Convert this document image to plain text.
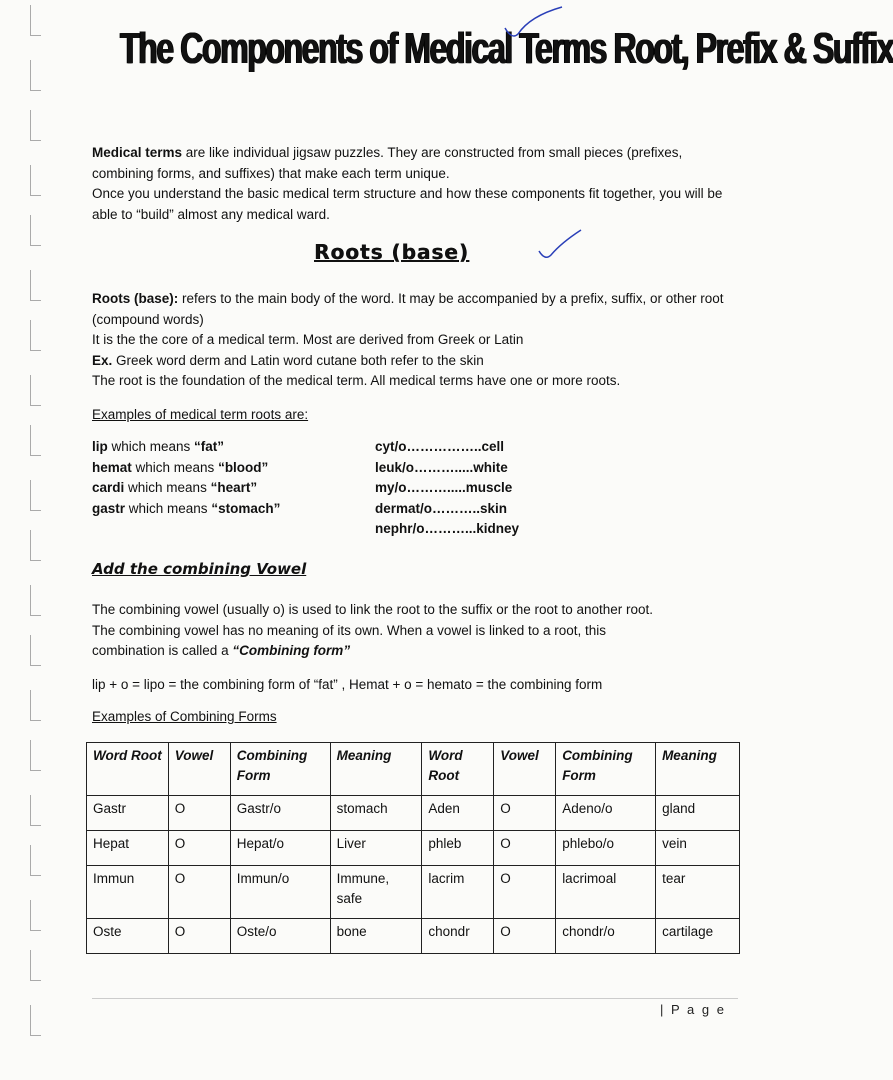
The Components of Medical Terms Root, Prefix & Suffix

Medical terms are like individual jigsaw puzzles. They are constructed from small pieces (prefixes, combining forms, and suffixes) that make each term unique.

Once you understand the basic medical term structure and how these components fit together, you will be able to “build” almost any medical ward.

Roots (base)

Roots (base): refers to the main body of the word. It may be accompanied by a prefix, suffix, or other root (compound words)

It is the the core of a medical term. Most are derived from Greek or Latin

Ex. Greek word derm and Latin word cutane both refer to the skin

The root is the foundation of the medical term. All medical terms have one or more roots.

Examples of medical term roots are:
lip which means “fat”
hemat which means “blood”
cardi which means “heart”
gastr which means “stomach”
cyt/o……………..cell
leuk/o……….....white
my/o……….....muscle
dermat/o………..skin
nephr/o………...kidney
Add the combining Vowel

The combining vowel (usually o) is used to link the root to the suffix or the root to another root.

The combining vowel has no meaning of its own. When a vowel is linked to a root, this

combination is called a “Combining form”

lip + o = lipo = the combining form of “fat” , Hemat + o = hemato = the combining form
Examples of Combining Forms
Word Root	Vowel	Combining Form	Meaning	Word Root	Vowel	Combining Form	Meaning
Gastr	O	Gastr/o	stomach	Aden	O	Adeno/o	gland
Hepat	O	Hepat/o	Liver	phleb	O	phlebo/o	vein
Immun	O	Immun/o	Immune, safe	lacrim	O	lacrimoal	tear
Oste	O	Oste/o	bone	chondr	O	chondr/o	cartilage
| P a g e
